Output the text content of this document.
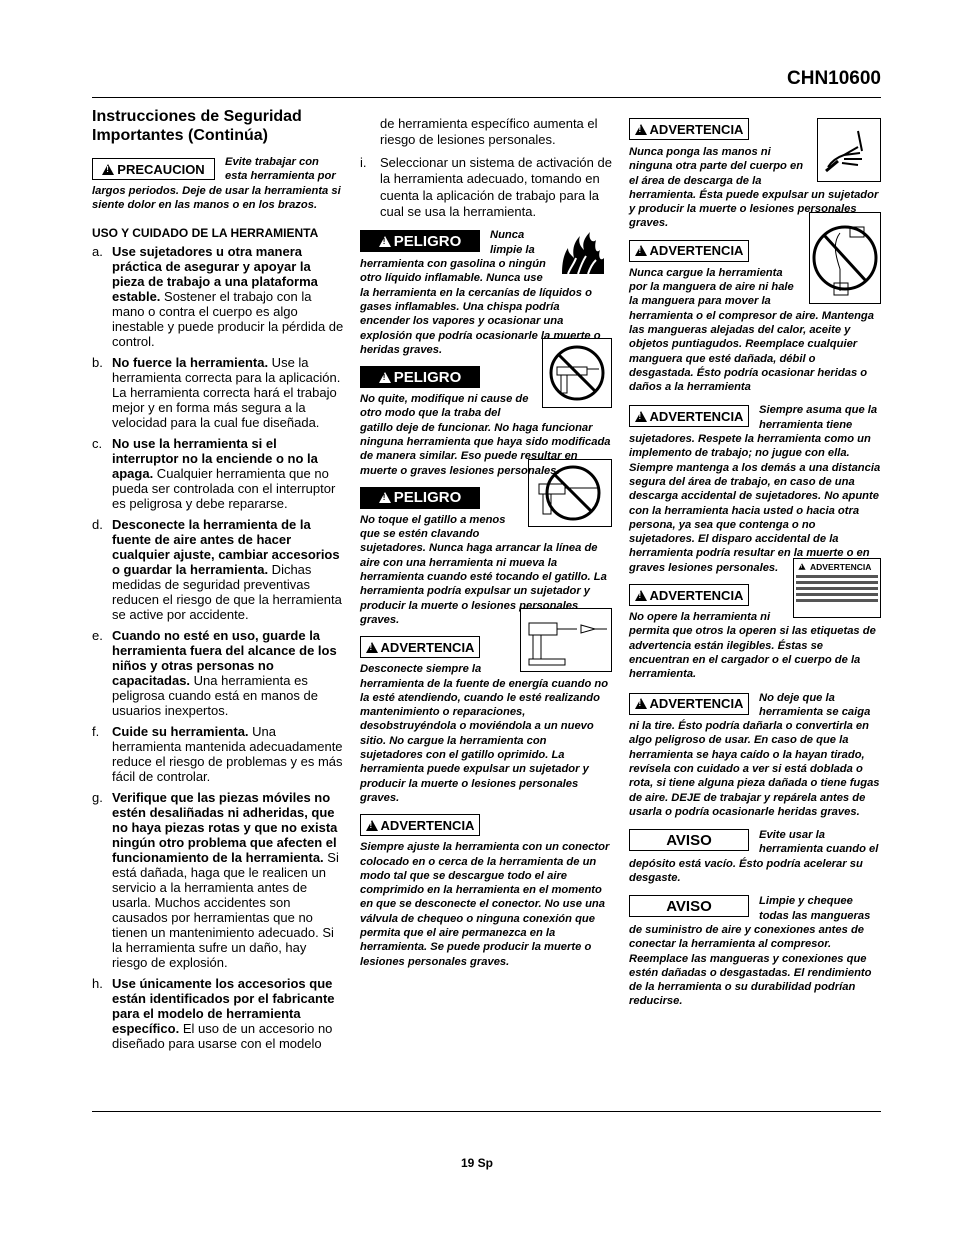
CHN10600
Instrucciones de Seguridad
Importantes (Continúa)
!
PRECAUCION	Evite trabajar con esta herramienta por largos periodos. Deje de usar la herramienta si siente dolor en las manos o en los brazos.

USO Y CUIDADO DE LA HERRAMIENTA
a. Use sujetadores u otra manera práctica de asegurar y apoyar la pieza de trabajo a una plataforma estable. Sostener el trabajo con la mano o contra el cuerpo es algo inestable y puede producir la pérdida de control.
b. No fuerce la herramienta. Use la herramienta correcta para la aplicación. La herramienta correcta hará el trabajo mejor y en forma más segura a la velocidad para la cual fue diseñada.
c. No use la herramienta si el interruptor no la enciende o no la apaga. Cualquier herramienta que no pueda ser controlada con el interruptor es peligrosa y debe repararse.
d. Desconecte la herramienta de la fuente de aire antes de hacer cualquier ajuste, cambiar accesorios o guardar la herramienta. Dichas medidas de seguridad preventivas reducen el riesgo de que la herramienta se active por accidente.
e. Cuando no esté en uso, guarde la herramienta fuera del alcance de los niños y otras personas no capacitadas. Una herramienta es peligrosa cuando está en manos de usuarios inexpertos.
f. Cuide su herramienta. Una herramienta mantenida adecuadamente reduce el riesgo de problemas y es más fácil de controlar.
g. Verifique que las piezas móviles no estén desaliñadas ni adheridas, que no haya piezas rotas y que no exista ningún otro problema que afecten el funcionamiento de la herramienta. Si está dañada, haga que le realicen un servicio a la herramienta antes de usarla. Muchos accidentes son causados por herramientas que no tienen un mantenimiento adecuado. Si la herramienta sufre un daño, hay riesgo de explosión.
h. Use únicamente los accesorios que están identificados por el fabricante para el modelo de herramienta específico. El uso de un accesorio no diseñado para usarse con el modelo

de herramienta específico aumenta el riesgo de lesiones personales.

i. Seleccionar un sistema de activación de la herramienta adecuado, tomando en cuenta la aplicación de trabajo para la cual se usa la herramienta.
!
PELIGRO	Nunca limpie la herramienta con gasolina o ningún otro líquido inflamable. Nunca use la herramienta en la cercanías de líquidos o gases inflamables. Una chispa podría encender los vapores y ocasionar una explosión que podría ocasionarle la muerte o heridas graves.

!
PELIGRO

No quite, modifique ni cause de otro modo que la traba del gatillo deje de funcionar. No haga funcionar ninguna herramienta que haya sido modificada de manera similar. Eso puede resultar en muerte o graves lesiones personales.

!
PELIGRO

No toque el gatillo a menos que se estén clavando sujetadores. Nunca haga arrancar la línea de aire con una herramienta ni mueva la herramienta cuando esté tocando el gatillo. La herramienta podría expulsar un sujetador y producir la muerte o lesiones personales graves.

!
ADVERTENCIA

Desconecte siempre la herramienta de la fuente de energía cuando no la esté atendiendo, cuando le esté realizando mantenimiento o reparaciones, desobstruyéndola o moviéndola a un nuevo sitio. No cargue la herramienta con sujetadores con el gatillo oprimido. La herramienta puede expulsar un sujetador y producir la muerte o lesiones personales graves.

!
ADVERTENCIA

Siempre ajuste la herramienta con un conector colocado en o cerca de la herramienta de un modo tal que se descargue todo el aire comprimido en la herramienta en el momento en que se desconecte el conector. No use una válvula de chequeo o ninguna conexión que permita que el aire permanezca en la herramienta. Se puede producir la muerte o lesiones personales graves.

!
ADVERTENCIA

Nunca ponga las manos ni ninguna otra parte del cuerpo en el área de descarga de la herramienta. Ésta puede expulsar un sujetador y producir la muerte o lesiones personales graves.

!
ADVERTENCIA

Nunca cargue la herramienta por la manguera de aire ni hale la manguera para mover la herramienta o el compresor de aire. Mantenga las mangueras alejadas del calor, aceite y objetos puntiagudos. Reemplace cualquier manguera que esté dañada, débil o desgastada. Ésto podría ocasionar heridas o daños a la herramienta

!
ADVERTENCIA	Siempre asuma que la herramienta tiene sujetadores. Respete la herramienta como un implemento de trabajo; no jugue con ella. Siempre mantenga a los demás a una distancia segura del área de trabajo, en caso de una descarga accidental de sujetadores. No apunte con la herramienta hacia usted o hacia otra persona, ya sea que contenga o no sujetadores. El disparo accidental de la herramienta podría resultar en la muerte o en graves lesiones personales.

!
ADVERTENCIA
!
ADVERTENCIA

No opere la herramienta ni permita que otros la operen si las etiquetas de advertencia están ilegibles. Éstas se encuentran en el cargador o el cuerpo de la herramienta.

!
ADVERTENCIA	No deje que la herramienta se caiga ni la tire. Ésto podría dañarla o convertirla en algo peligroso de usar. En caso de que la herramienta se haya caído o la hayan tirado, revísela con cuidado a ver si está doblada o rota, si tiene alguna pieza dañada o tiene fugas de aire. DEJE de trabajar y repárela antes de usarla o podría ocasionarle heridas graves.

AVISO	Evite usar la herramienta cuando el depósito está vacío. Ésto podría acelerar su desgaste.

AVISO	Limpie y chequee todas las mangueras de suministro de aire y conexiones antes de conectar la herramienta al compresor. Reemplace las mangueras y conexiones que estén dañadas o desgastadas. El rendimiento de la herramienta o su durabilidad podrían reducirse.

19 Sp
